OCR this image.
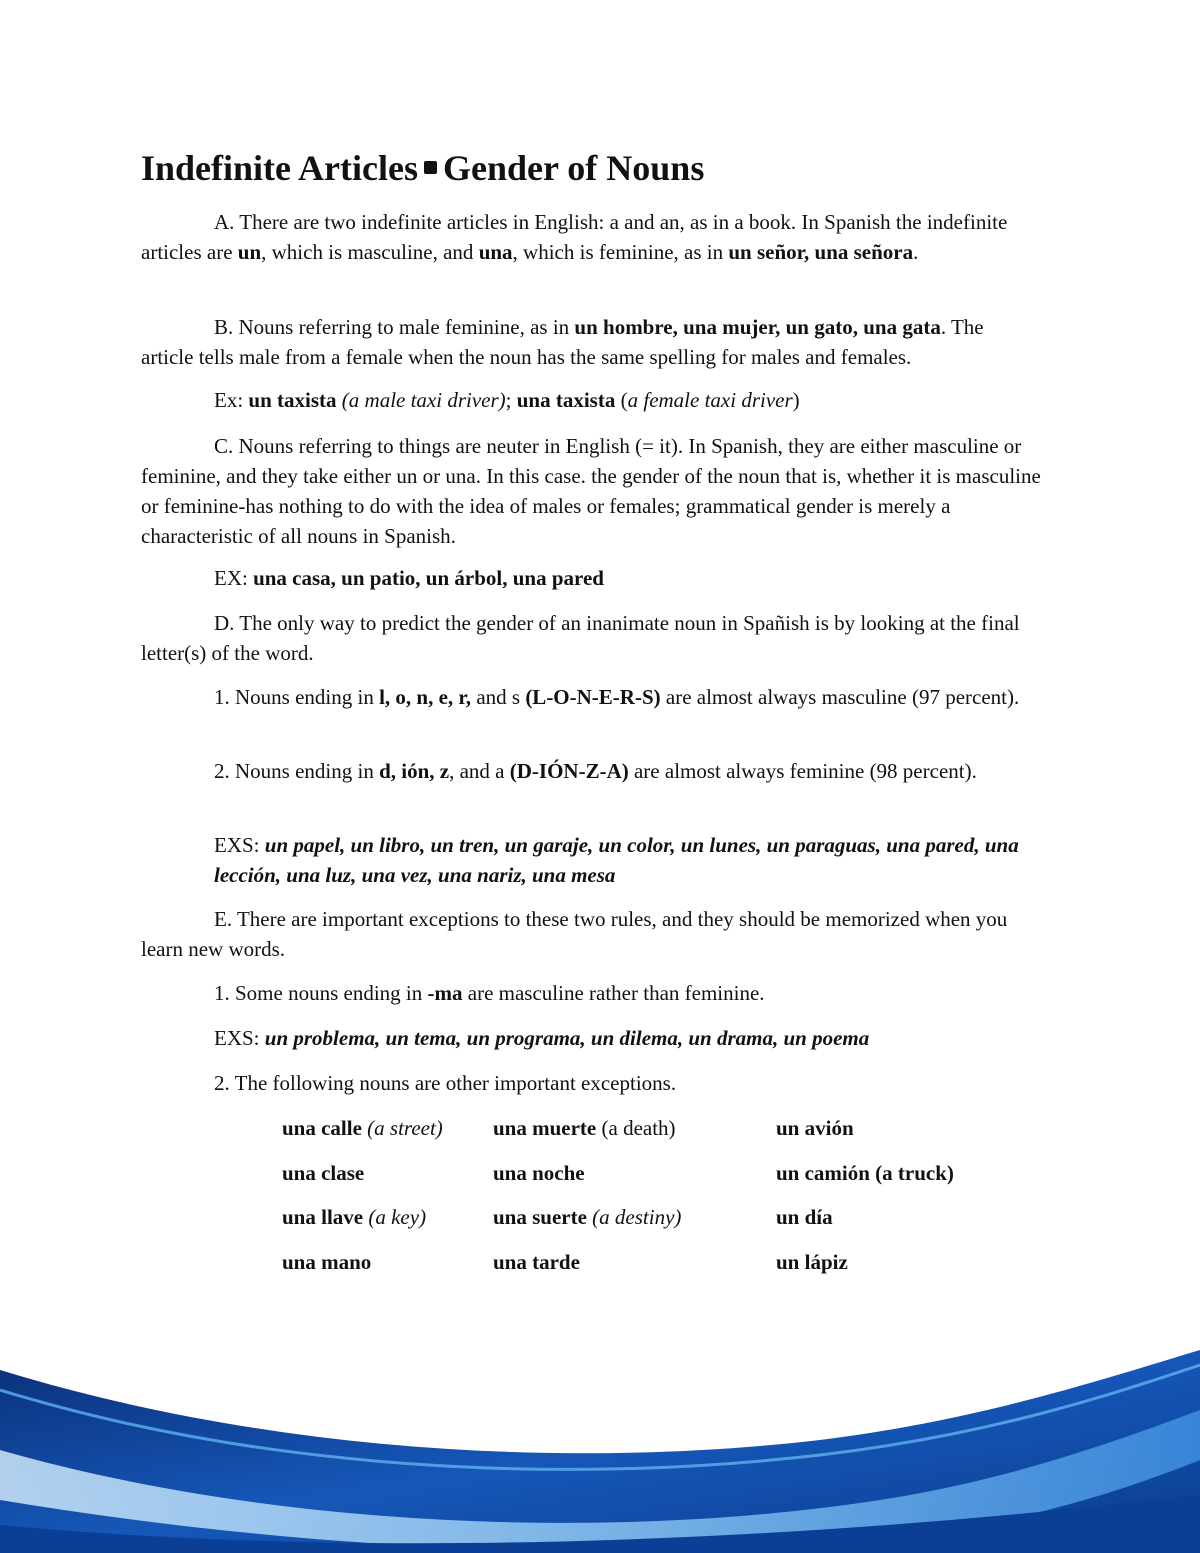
Indefinite Articles Gender of Nouns

A. There are two indefinite articles in English: a and an, as in a book. In Spanish the indefinite articles are un, which is masculine, and una, which is feminine, as in un señor, una señora.

B. Nouns referring to male feminine, as in un hombre, una mujer, un gato, una gata. The article tells male from a female when the noun has the same spelling for males and females.

Ex: un taxista (a male taxi driver); una taxista (a female taxi driver)

C. Nouns referring to things are neuter in English (= it). In Spanish, they are either masculine or feminine, and they take either un or una. In this case. the gender of the noun that is, whether it is masculine or feminine-has nothing to do with the idea of males or females; grammatical gender is merely a characteristic of all nouns in Spanish.

EX: una casa, un patio, un árbol, una pared

D. The only way to predict the gender of an inanimate noun in Spañish is by looking at the final letter(s) of the word.

1. Nouns ending in l, o, n, e, r, and s (L-O-N-E-R-S) are almost always masculine (97 percent).

2. Nouns ending in d, ión, z, and a (D-IÓN-Z-A) are almost always feminine (98 percent).

EXS: un papel, un libro, un tren, un garaje, un color, un lunes, un paraguas, una pared, una lección, una luz, una vez, una nariz, una mesa

E. There are important exceptions to these two rules, and they should be memorized when you learn new words.

1. Some nouns ending in -ma are masculine rather than feminine.

EXS: un problema, un tema, un programa, un dilema, un drama, un poema

2. The following nouns are other important exceptions.

una calle (a street) una muerte (a death)	un avión
una clase	una noche	un camión (a truck)
una llave (a key)	una suerte (a destiny)	un día
una mano	una tarde	un lápiz
